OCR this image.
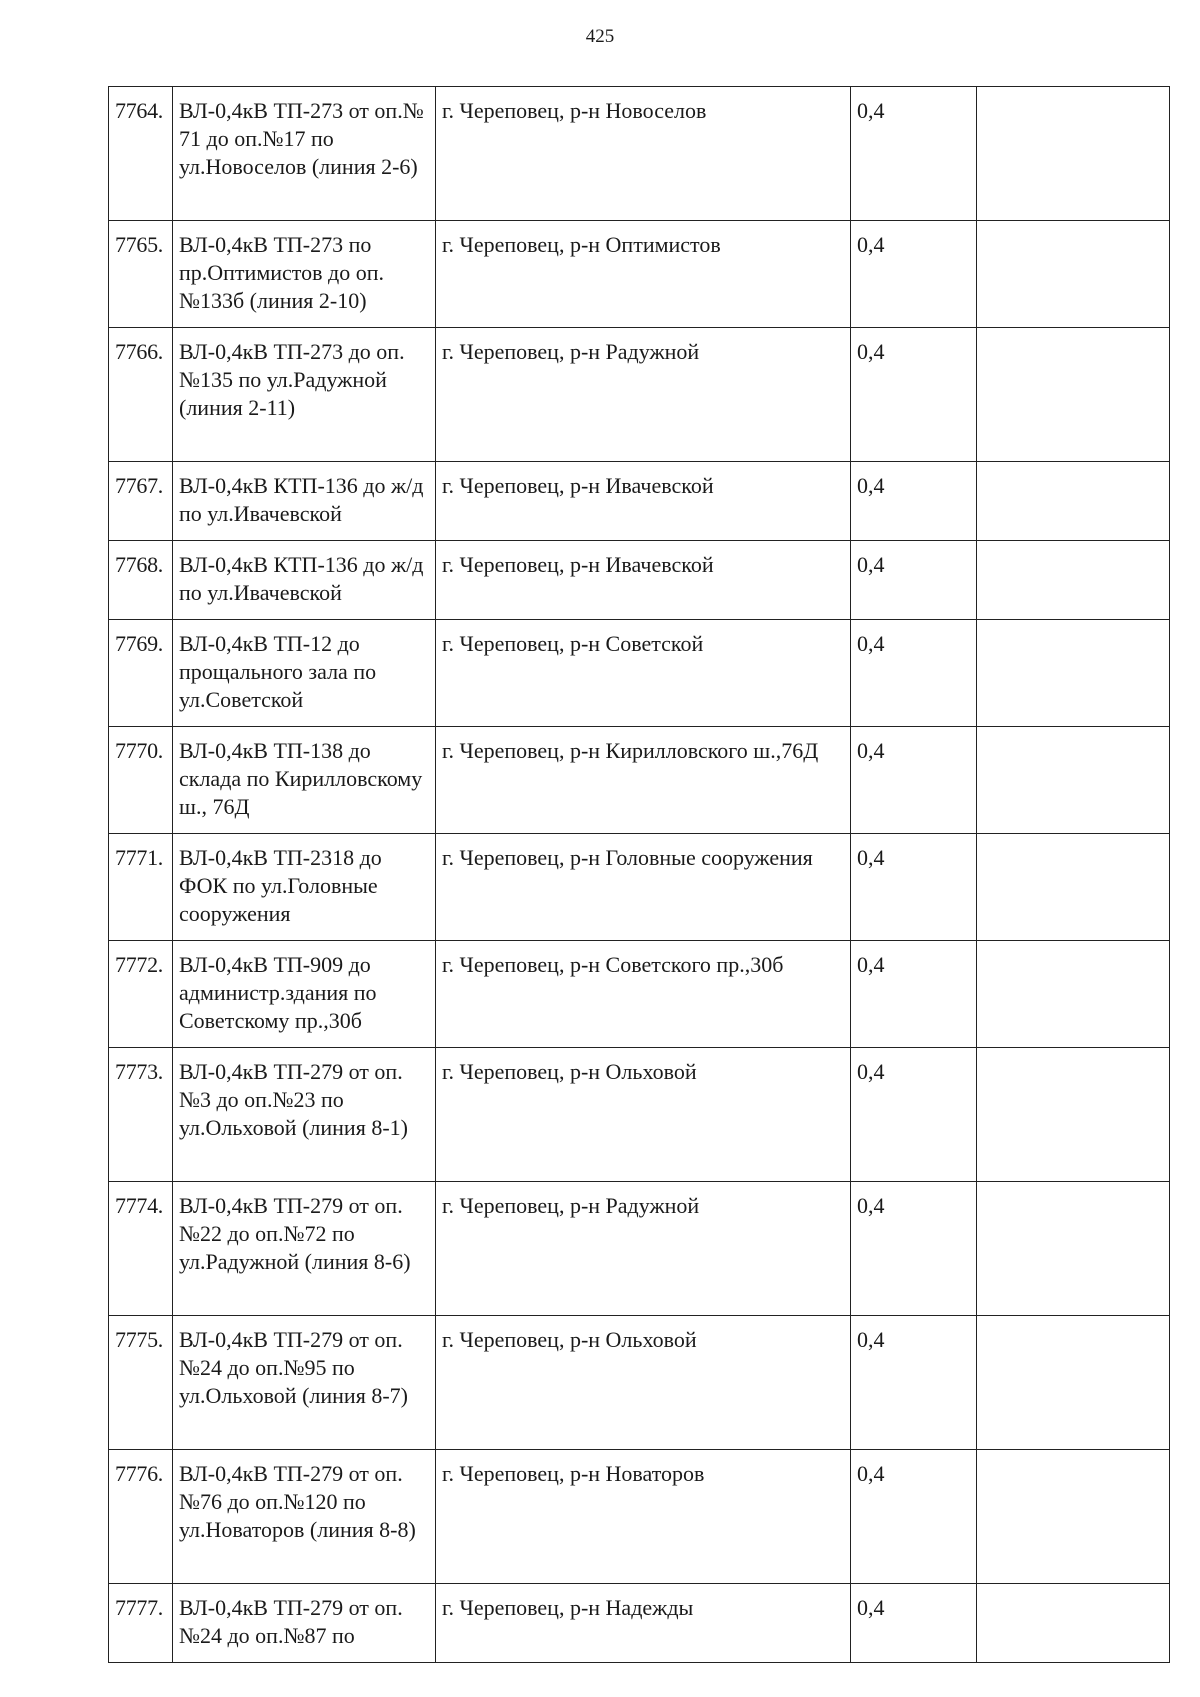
425
7764.	ВЛ-0,4кВ ТП-273 от оп.№ 71 до оп.№17 по ул.Новоселов (линия 2-6)	г. Череповец, р-н Новоселов	0,4	
7765.	ВЛ-0,4кВ ТП-273 по пр.Оптимистов до оп.№133б (линия 2-10)	г. Череповец, р-н Оптимистов	0,4	
7766.	ВЛ-0,4кВ ТП-273 до оп.№135 по ул.Радужной (линия 2-11)	г. Череповец, р-н Радужной	0,4	
7767.	ВЛ-0,4кВ КТП-136 до ж/д по ул.Ивачевской	г. Череповец, р-н Ивачевской	0,4	
7768.	ВЛ-0,4кВ КТП-136 до ж/д по ул.Ивачевской	г. Череповец, р-н Ивачевской	0,4	
7769.	ВЛ-0,4кВ ТП-12 до прощального зала по ул.Советской	г. Череповец, р-н Советской	0,4	
7770.	ВЛ-0,4кВ ТП-138 до склада по Кирилловскому ш., 76Д	г. Череповец, р-н Кирилловского ш.,76Д	0,4	
7771.	ВЛ-0,4кВ ТП-2318 до ФОК по ул.Головные сооружения	г. Череповец, р-н Головные сооружения	0,4	
7772.	ВЛ-0,4кВ ТП-909 до администр.здания по Советскому пр.,30б	г. Череповец, р-н Советского пр.,30б	0,4	
7773.	ВЛ-0,4кВ ТП-279 от оп.№3 до оп.№23 по ул.Ольховой (линия 8-1)	г. Череповец, р-н Ольховой	0,4	
7774.	ВЛ-0,4кВ ТП-279 от оп.№22 до оп.№72 по ул.Радужной (линия 8-6)	г. Череповец, р-н Радужной	0,4	
7775.	ВЛ-0,4кВ ТП-279 от оп.№24 до оп.№95 по ул.Ольховой (линия 8-7)	г. Череповец, р-н Ольховой	0,4	
7776.	ВЛ-0,4кВ ТП-279 от оп.№76 до оп.№120 по ул.Новаторов (линия 8-8)	г. Череповец, р-н Новаторов	0,4	
7777.	ВЛ-0,4кВ ТП-279 от оп.№24 до оп.№87 по	г. Череповец, р-н Надежды	0,4	
